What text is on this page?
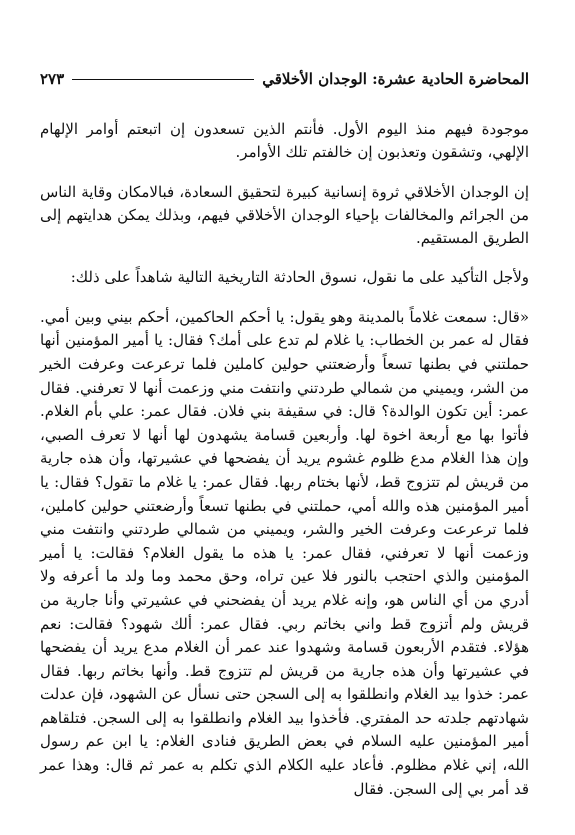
المحاضرة الحادية عشرة: الوجدان الأخلاقي
٢٧٣

موجودة فيهم منذ اليوم الأول. فأنتم الذين تسعدون إن اتبعتم أوامر الإلهام الإلهي، وتشقون وتعذبون إن خالفتم تلك الأوامر.

إن الوجدان الأخلاقي ثروة إنسانية كبيرة لتحقيق السعادة، فبالامكان وقاية الناس من الجرائم والمخالفات بإحياء الوجدان الأخلاقي فيهم، وبذلك يمكن هدايتهم إلى الطريق المستقيم.

ولأجل التأكيد على ما نقول، نسوق الحادثة التاريخية التالية شاهداً على ذلك:

«قال: سمعت غلاماً بالمدينة وهو يقول: يا أحكم الحاكمين، أحكم بيني وبين أمي. فقال له عمر بن الخطاب: يا غلام لم تدع على أمك؟ فقال: يا أمير المؤمنين أنها حملتني في بطنها تسعاً وأرضعتني حولين كاملين فلما ترعرعت وعرفت الخير من الشر، ويميني من شمالي طردتني وانتفت مني وزعمت أنها لا تعرفني. فقال عمر: أين تكون الوالدة؟ قال: في سقيفة بني فلان. فقال عمر: علي بأم الغلام. فأتوا بها مع أربعة اخوة لها. وأربعين قسامة يشهدون لها أنها لا تعرف الصبي، وإن هذا الغلام مدع ظلوم غشوم يريد أن يفضحها في عشيرتها، وأن هذه جارية من قريش لم تتزوج قط، لأنها بختام ربها. فقال عمر: يا غلام ما تقول؟ فقال: يا أمير المؤمنين هذه والله أمي، حملتني في بطنها تسعاً وأرضعتني حولين كاملين، فلما ترعرعت وعرفت الخير والشر، ويميني من شمالي طردتني وانتفت مني وزعمت أنها لا تعرفني، فقال عمر: يا هذه ما يقول الغلام؟ فقالت: يا أمير المؤمنين والذي احتجب بالنور فلا عين تراه، وحق محمد وما ولد ما أعرفه ولا أدري من أي الناس هو، وإنه غلام يريد أن يفضحني في عشيرتي وأنا جارية من قريش ولم أتزوج قط واني بخاتم ربي. فقال عمر: ألك شهود؟ فقالت: نعم هؤلاء. فتقدم الأربعون قسامة وشهدوا عند عمر أن الغلام مدع يريد أن يفضحها في عشيرتها وأن هذه جارية من قريش لم تتزوج قط. وأنها بخاتم ربها. فقال عمر: خذوا بيد الغلام وانطلقوا به إلى السجن حتى نسأل عن الشهود، فإن عدلت شهادتهم جلدته حد المفتري. فأخذوا بيد الغلام وانطلقوا به إلى السجن. فتلقاهم أمير المؤمنين عليه السلام في بعض الطريق فنادى الغلام: يا ابن عم رسول الله، إني غلام مظلوم. فأعاد عليه الكلام الذي تكلم به عمر ثم قال: وهذا عمر قد أمر بي إلى السجن. فقال
